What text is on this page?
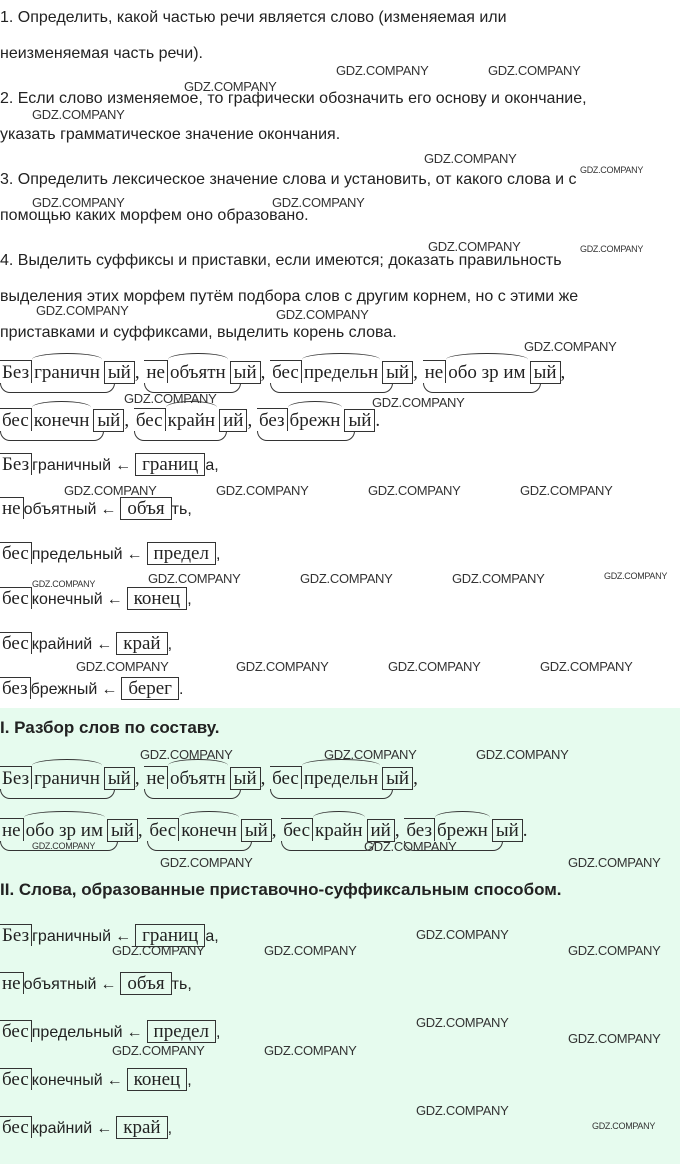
1. Определить, какой частью речи является слово (изменяемая или
неизменяемая часть речи).
2. Если слово изменяемое, то графически обозначить его основу и окончание,
указать грамматическое значение окончания.
3. Определить лексическое значение слова и установить, от какого слова и с
помощью каких морфем оно образовано.
4. Выделить суффиксы и приставки, если имеются; доказать правильность
выделения этих морфем путём подбора слов с другим корнем, но с этими же
приставками и суффиксами, выделить корень слова.
Без граничн ый , не объятн ый , бес предельн ый , не обо зр им ый ,
бес конечн ый , бес крайн ий , без брежн ый .
Без граничный ← границ а,
не объятный ← объя ть,
бес предельный ← предел ,
бес конечный ← конец ,
бес крайний ← край ,
без брежный ← берег .
I. Разбор слов по составу.
Без граничн ый , не объятн ый , бес предельн ый ,
не обо зр им ый , бес конечн ый , бес крайн ий , без брежн ый .
II. Слова, образованные приставочно-суффиксальным способом.
Без граничный ← границ а,
не объятный ← объя ть,
бес предельный ← предел ,
бес конечный ← конец ,
бес крайний ← край ,
GDZ.COMPANY	GDZ.COMPANY
GDZ.COMPANY
GDZ.COMPANY
GDZ.COMPANY
GDZ.COMPANY
GDZ.COMPANY	GDZ.COMPANY
GDZ.COMPANY	GDZ.COMPANY
GDZ.COMPANY	GDZ.COMPANY
GDZ.COMPANY
GDZ.COMPANY	GDZ.COMPANY
GDZ.COMPANY	GDZ.COMPANY	GDZ.COMPANY	GDZ.COMPANY
GDZ.COMPANY	GDZ.COMPANY	GDZ.COMPANY	GDZ.COMPANY	GDZ.COMPANY
GDZ.COMPANY	GDZ.COMPANY	GDZ.COMPANY	GDZ.COMPANY
GDZ.COMPANY	GDZ.COMPANY	GDZ.COMPANY
GDZ.COMPANY	GDZ.COMPANY
GDZ.COMPANY	GDZ.COMPANY
GDZ.COMPANY
GDZ.COMPANY	GDZ.COMPANY	GDZ.COMPANY
GDZ.COMPANY
GDZ.COMPANY
GDZ.COMPANY	GDZ.COMPANY
GDZ.COMPANY
GDZ.COMPANY
